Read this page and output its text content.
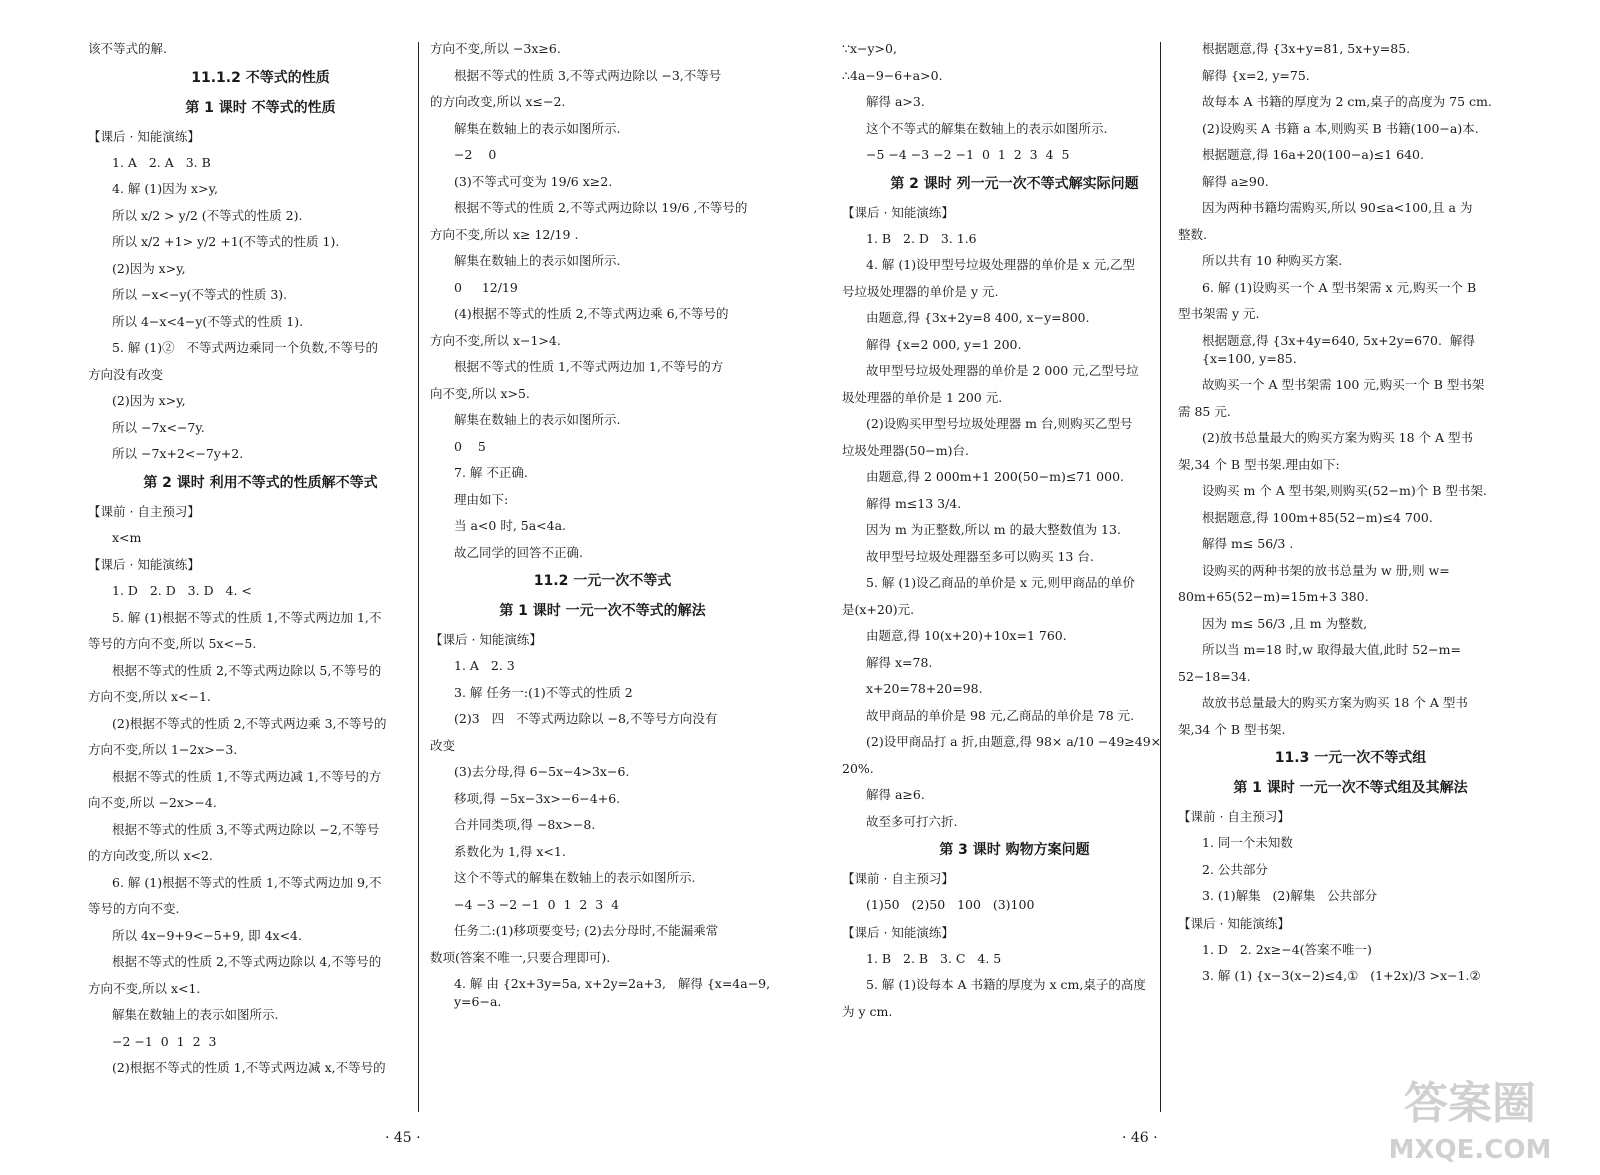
该不等式的解.
11.1.2 不等式的性质
第 1 课时 不等式的性质
【课后 · 知能演练】
1. A   2. A   3. B
4. 解 (1)因为 x>y,
所以 x/2 > y/2 (不等式的性质 2).
所以 x/2 +1> y/2 +1(不等式的性质 1).
(2)因为 x>y,
所以 −x<−y(不等式的性质 3).
所以 4−x<4−y(不等式的性质 1).
5. 解 (1)②   不等式两边乘同一个负数,不等号的
方向没有改变
(2)因为 x>y,
所以 −7x<−7y.
所以 −7x+2<−7y+2.
第 2 课时 利用不等式的性质解不等式
【课前 · 自主预习】
x<m
【课后 · 知能演练】
1. D   2. D   3. D   4. <
5. 解 (1)根据不等式的性质 1,不等式两边加 1,不
等号的方向不变,所以 5x<−5.
根据不等式的性质 2,不等式两边除以 5,不等号的
方向不变,所以 x<−1.
(2)根据不等式的性质 2,不等式两边乘 3,不等号的
方向不变,所以 1−2x>−3.
根据不等式的性质 1,不等式两边减 1,不等号的方
向不变,所以 −2x>−4.
根据不等式的性质 3,不等式两边除以 −2,不等号
的方向改变,所以 x<2.
6. 解 (1)根据不等式的性质 1,不等式两边加 9,不
等号的方向不变.
所以 4x−9+9<−5+9, 即 4x<4.
根据不等式的性质 2,不等式两边除以 4,不等号的
方向不变,所以 x<1.
解集在数轴上的表示如图所示.
−2 −1  0  1  2  3
(2)根据不等式的性质 1,不等式两边减 x,不等号的
方向不变,所以 −3x≥6.
根据不等式的性质 3,不等式两边除以 −3,不等号
的方向改变,所以 x≤−2.
解集在数轴上的表示如图所示.
−2    0
(3)不等式可变为 19/6 x≥2.
根据不等式的性质 2,不等式两边除以 19/6 ,不等号的
方向不变,所以 x≥ 12/19 .
解集在数轴上的表示如图所示.
0     12/19
(4)根据不等式的性质 2,不等式两边乘 6,不等号的
方向不变,所以 x−1>4.
根据不等式的性质 1,不等式两边加 1,不等号的方
向不变,所以 x>5.
解集在数轴上的表示如图所示.
0    5
7. 解 不正确.
理由如下:
当 a<0 时, 5a<4a.
故乙同学的回答不正确.
11.2 一元一次不等式
第 1 课时 一元一次不等式的解法
【课后 · 知能演练】
1. A   2. 3
3. 解 任务一:(1)不等式的性质 2
(2)3   四   不等式两边除以 −8,不等号方向没有
改变
(3)去分母,得 6−5x−4>3x−6.
移项,得 −5x−3x>−6−4+6.
合并同类项,得 −8x>−8.
系数化为 1,得 x<1.
这个不等式的解集在数轴上的表示如图所示.
−4 −3 −2 −1  0  1  2  3  4
任务二:(1)移项要变号; (2)去分母时,不能漏乘常
数项(答案不唯一,只要合理即可).
4. 解 由 {2x+3y=5a, x+2y=2a+3,   解得 {x=4a−9, y=6−a.
∵x−y>0,
∴4a−9−6+a>0.
解得 a>3.
这个不等式的解集在数轴上的表示如图所示.
−5 −4 −3 −2 −1  0  1  2  3  4  5
第 2 课时 列一元一次不等式解实际问题
【课后 · 知能演练】
1. B   2. D   3. 1.6
4. 解 (1)设甲型号垃圾处理器的单价是 x 元,乙型
号垃圾处理器的单价是 y 元.
由题意,得 {3x+2y=8 400, x−y=800.
解得 {x=2 000, y=1 200.
故甲型号垃圾处理器的单价是 2 000 元,乙型号垃
圾处理器的单价是 1 200 元.
(2)设购买甲型号垃圾处理器 m 台,则购买乙型号
垃圾处理器(50−m)台.
由题意,得 2 000m+1 200(50−m)≤71 000.
解得 m≤13 3/4.
因为 m 为正整数,所以 m 的最大整数值为 13.
故甲型号垃圾处理器至多可以购买 13 台.
5. 解 (1)设乙商品的单价是 x 元,则甲商品的单价
是(x+20)元.
由题意,得 10(x+20)+10x=1 760.
解得 x=78.
x+20=78+20=98.
故甲商品的单价是 98 元,乙商品的单价是 78 元.
(2)设甲商品打 a 折,由题意,得 98× a/10 −49≥49×
20%.
解得 a≥6.
故至多可打六折.
第 3 课时 购物方案问题
【课前 · 自主预习】
(1)50   (2)50   100   (3)100
【课后 · 知能演练】
1. B   2. B   3. C   4. 5
5. 解 (1)设每本 A 书籍的厚度为 x cm,桌子的高度
为 y cm.
根据题意,得 {3x+y=81, 5x+y=85.
解得 {x=2, y=75.
故每本 A 书籍的厚度为 2 cm,桌子的高度为 75 cm.
(2)设购买 A 书籍 a 本,则购买 B 书籍(100−a)本.
根据题意,得 16a+20(100−a)≤1 640.
解得 a≥90.
因为两种书籍均需购买,所以 90≤a<100,且 a 为
整数.
所以共有 10 种购买方案.
6. 解 (1)设购买一个 A 型书架需 x 元,购买一个 B
型书架需 y 元.
根据题意,得 {3x+4y=640, 5x+2y=670.  解得 {x=100, y=85.
故购买一个 A 型书架需 100 元,购买一个 B 型书架
需 85 元.
(2)放书总量最大的购买方案为购买 18 个 A 型书
架,34 个 B 型书架.理由如下:
设购买 m 个 A 型书架,则购买(52−m)个 B 型书架.
根据题意,得 100m+85(52−m)≤4 700.
解得 m≤ 56/3 .
设购买的两种书架的放书总量为 w 册,则 w=
80m+65(52−m)=15m+3 380.
因为 m≤ 56/3 ,且 m 为整数,
所以当 m=18 时,w 取得最大值,此时 52−m=
52−18=34.
故放书总量最大的购买方案为购买 18 个 A 型书
架,34 个 B 型书架.
11.3 一元一次不等式组
第 1 课时 一元一次不等式组及其解法
【课前 · 自主预习】
1. 同一个未知数
2. 公共部分
3. (1)解集   (2)解集   公共部分
【课后 · 知能演练】
1. D   2. 2x≥−4(答案不唯一)
3. 解 (1) {x−3(x−2)≤4,①   (1+2x)/3 >x−1.②
· 45 ·	· 46 ·
答案圈
MXQE.COM
